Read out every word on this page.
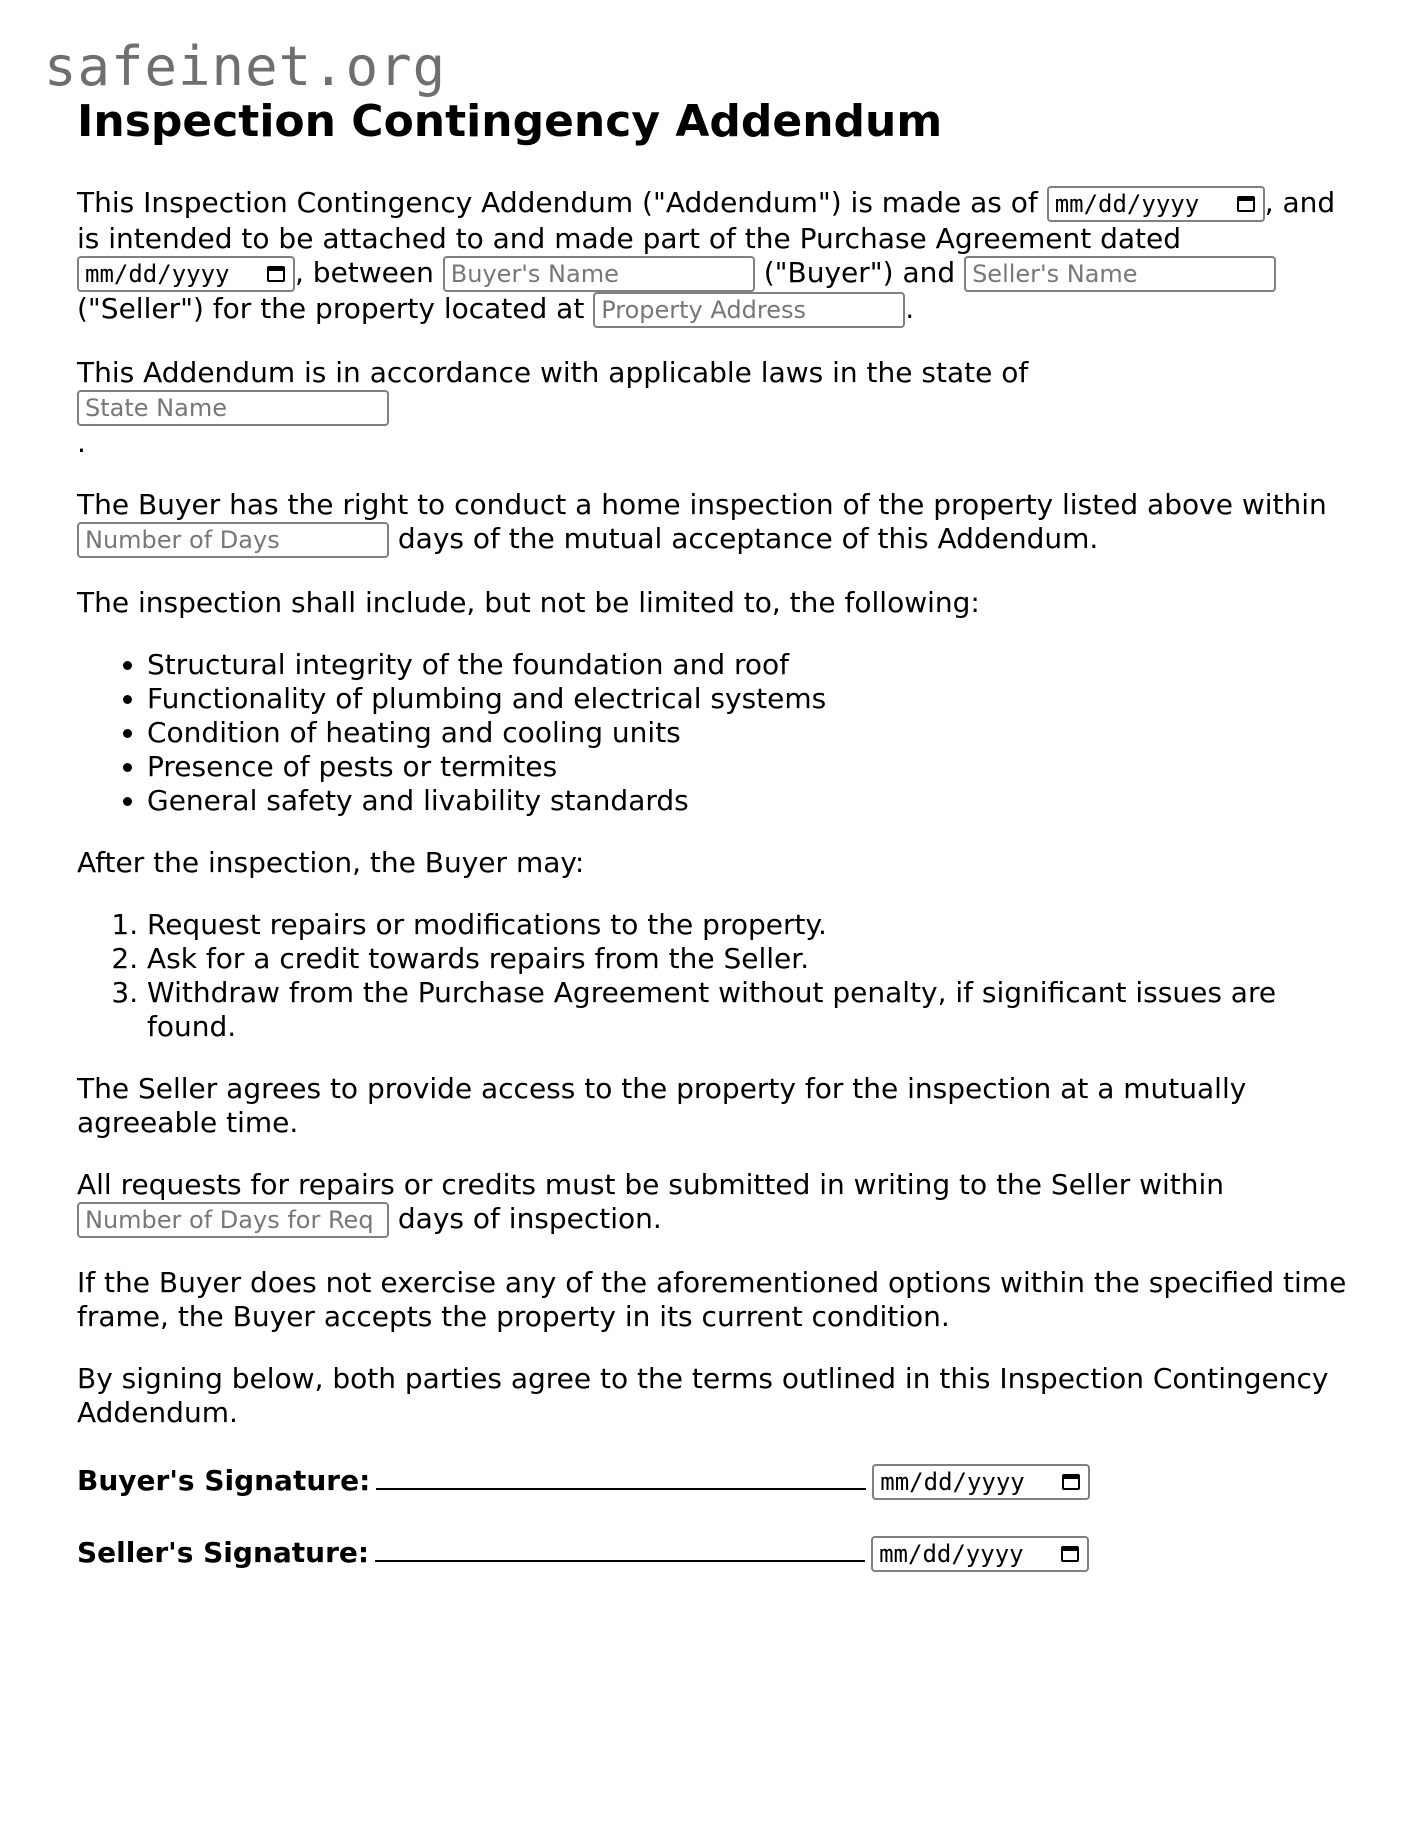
safeinet.org
Inspection Contingency Addendum

This Inspection Contingency Addendum ("Addendum") is made as of mm/dd/yyyy , and is intended to be attached to and made part of the Purchase Agreement dated mm/dd/yyyy , between Buyer's Name	("Buyer") and Seller's Name ("Seller") for the property located at Property Address	.

This Addendum is in accordance with applicable laws in the state of State Name
.

The Buyer has the right to conduct a home inspection of the property listed above within Number of Days	days of the mutual acceptance of this Addendum.

The inspection shall include, but not be limited to, the following:

• Structural integrity of the foundation and roof
• Functionality of plumbing and electrical systems
• Condition of heating and cooling units
• Presence of pests or termites
• General safety and livability standards

After the inspection, the Buyer may:

1. Request repairs or modifications to the property.
2. Ask for a credit towards repairs from the Seller.
3. Withdraw from the Purchase Agreement without penalty, if significant issues are found.

The Seller agrees to provide access to the property for the inspection at a mutually agreeable time.

All requests for repairs or credits must be submitted in writing to the Seller within Number of Days for Req days of inspection.

If the Buyer does not exercise any of the aforementioned options within the specified time frame, the Buyer accepts the property in its current condition.

By signing below, both parties agree to the terms outlined in this Inspection Contingency Addendum.

Buyer's Signature:	mm/dd/yyyy

Seller's Signature:	mm/dd/yyyy
